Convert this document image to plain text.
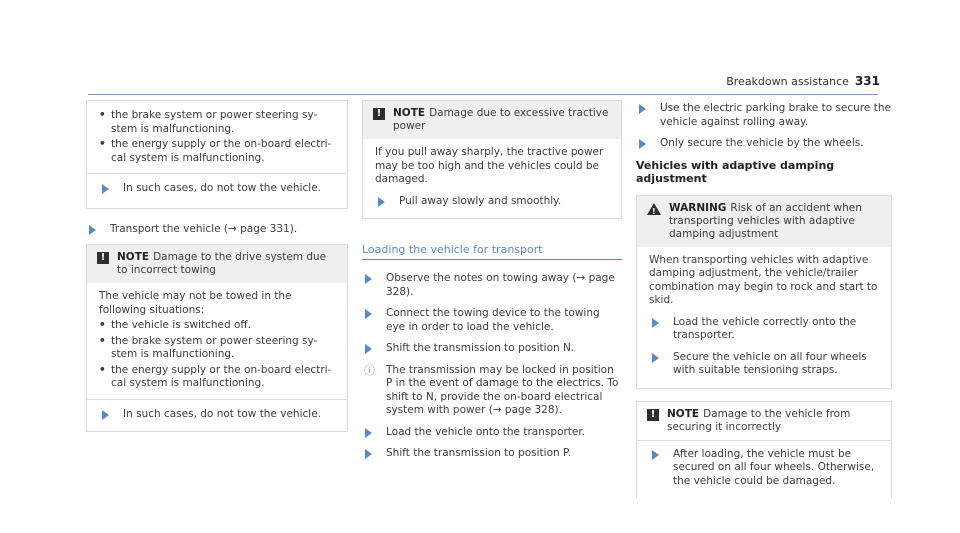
Breakdown assistance 331
• the brake system or power steering system is malfunctioning.
• the energy supply or the on-board electri-cal system is malfunctioning.
In such cases, do not tow the vehicle.
Transport the vehicle (→ page 331).
!	NOTE Damage to the drive system due to incorrect towing
The vehicle may not be towed in the following situations:
• the vehicle is switched off.
• the brake system or power steering system is malfunctioning.
• the energy supply or the on-board electri-cal system is malfunctioning.
In such cases, do not tow the vehicle.
!	NOTE Damage due to excessive tractive power
If you pull away sharply, the tractive power may be too high and the vehicles could be damaged.
Pull away slowly and smoothly.
Loading the vehicle for transport
Observe the notes on towing away (→ page 328).
Connect the towing device to the towing eye in order to load the vehicle.
Shift the transmission to position N.
ⓘ The transmission may be locked in position P in the event of damage to the electrics. To shift to N, provide the on-board electrical system with power (→ page 328).
Load the vehicle onto the transporter.
Shift the transmission to position P.
Use the electric parking brake to secure the vehicle against rolling away.
Only secure the vehicle by the wheels.
Vehicles with adaptive damping adjustment
! WARNING Risk of an accident when transporting vehicles with adaptive damping adjustment
When transporting vehicles with adaptive damping adjustment, the vehicle/trailer combination may begin to rock and start to skid.
Load the vehicle correctly onto the transporter.
Secure the vehicle on all four wheels with suitable tensioning straps.
!	NOTE Damage to the vehicle from securing it incorrectly
After loading, the vehicle must be secured on all four wheels. Otherwise, the vehicle could be damaged.
